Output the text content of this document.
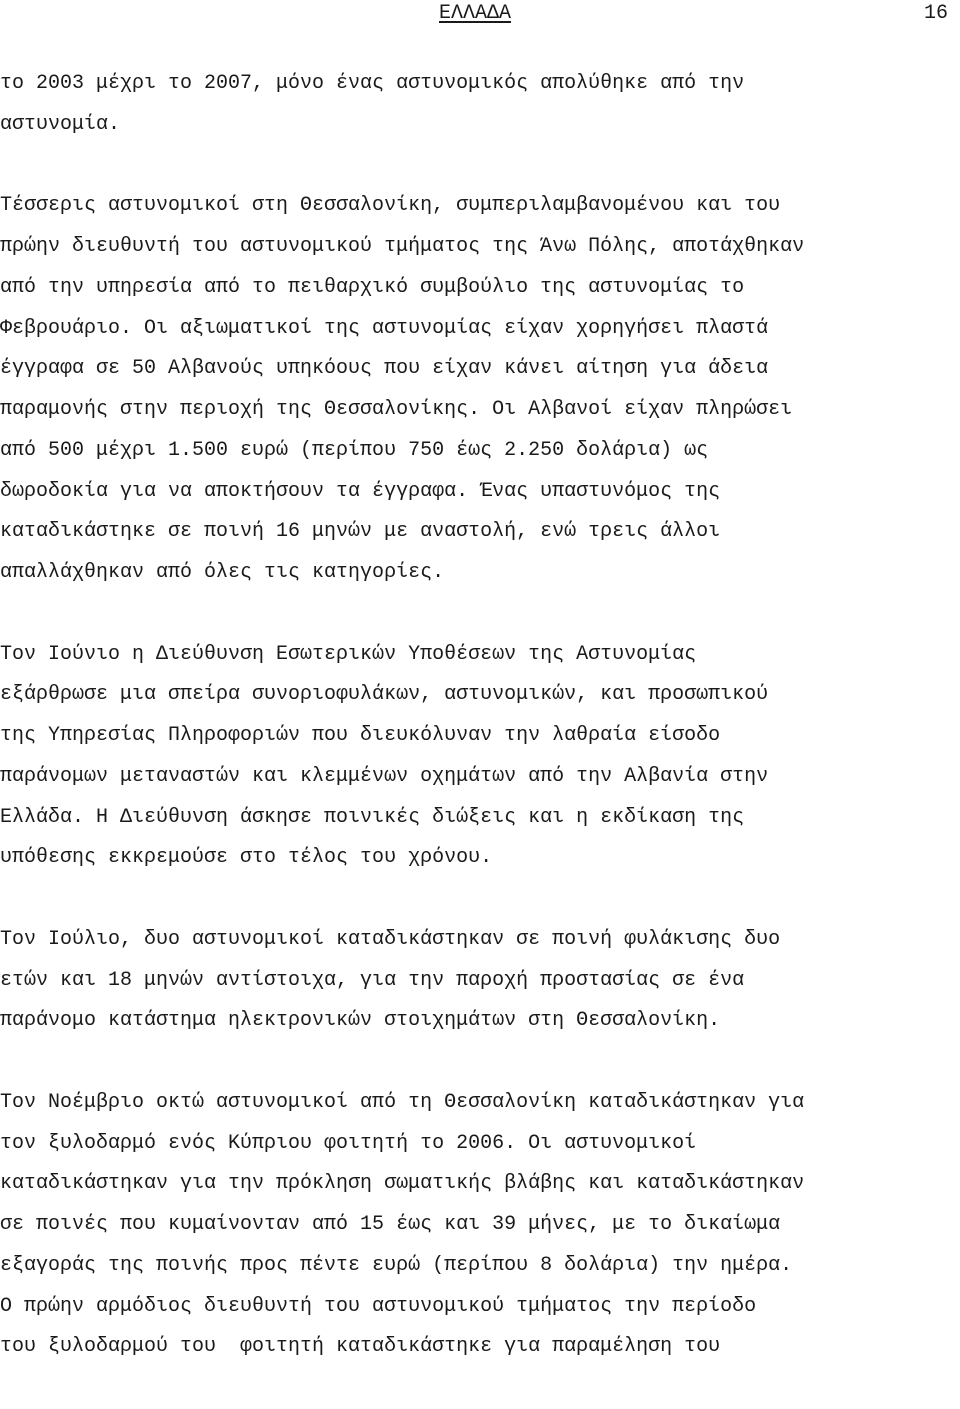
ΕΛΛΑΔΑ	16

το 2003 μέχρι το 2007, μόνο ένας αστυνομικός απολύθηκε από την
αστυνομία.

Τέσσερις αστυνομικοί στη Θεσσαλονίκη, συμπεριλαμβανομένου και του
πρώην διευθυντή του αστυνομικού τμήματος της Άνω Πόλης, αποτάχθηκαν
από την υπηρεσία από το πειθαρχικό συμβούλιο της αστυνομίας το
Φεβρουάριο. Οι αξιωματικοί της αστυνομίας είχαν χορηγήσει πλαστά
έγγραφα σε 50 Αλβανούς υπηκόους που είχαν κάνει αίτηση για άδεια
παραμονής στην περιοχή της Θεσσαλονίκης. Οι Αλβανοί είχαν πληρώσει
από 500 μέχρι 1.500 ευρώ (περίπου 750 έως 2.250 δολάρια) ως
δωροδοκία για να αποκτήσουν τα έγγραφα. Ένας υπαστυνόμος της
καταδικάστηκε σε ποινή 16 μηνών με αναστολή, ενώ τρεις άλλοι
απαλλάχθηκαν από όλες τις κατηγορίες.

Τον Ιούνιο η Διεύθυνση Εσωτερικών Υποθέσεων της Αστυνομίας
εξάρθρωσε μια σπείρα συνοριοφυλάκων, αστυνομικών, και προσωπικού
της Υπηρεσίας Πληροφοριών που διευκόλυναν την λαθραία είσοδο
παράνομων μεταναστών και κλεμμένων οχημάτων από την Αλβανία στην
Ελλάδα. Η Διεύθυνση άσκησε ποινικές διώξεις και η εκδίκαση της
υπόθεσης εκκρεμούσε στο τέλος του χρόνου.

Τον Ιούλιο, δυο αστυνομικοί καταδικάστηκαν σε ποινή φυλάκισης δυο
ετών και 18 μηνών αντίστοιχα, για την παροχή προστασίας σε ένα
παράνομο κατάστημα ηλεκτρονικών στοιχημάτων στη Θεσσαλονίκη.

Τον Νοέμβριο οκτώ αστυνομικοί από τη Θεσσαλονίκη καταδικάστηκαν για
τον ξυλοδαρμό ενός Κύπριου φοιτητή το 2006. Οι αστυνομικοί
καταδικάστηκαν για την πρόκληση σωματικής βλάβης και καταδικάστηκαν
σε ποινές που κυμαίνονταν από 15 έως και 39 μήνες, με το δικαίωμα
εξαγοράς της ποινής προς πέντε ευρώ (περίπου 8 δολάρια) την ημέρα.
Ο πρώην αρμόδιος διευθυντή του αστυνομικού τμήματος την περίοδο
του ξυλοδαρμού του  φοιτητή καταδικάστηκε για παραμέληση του
